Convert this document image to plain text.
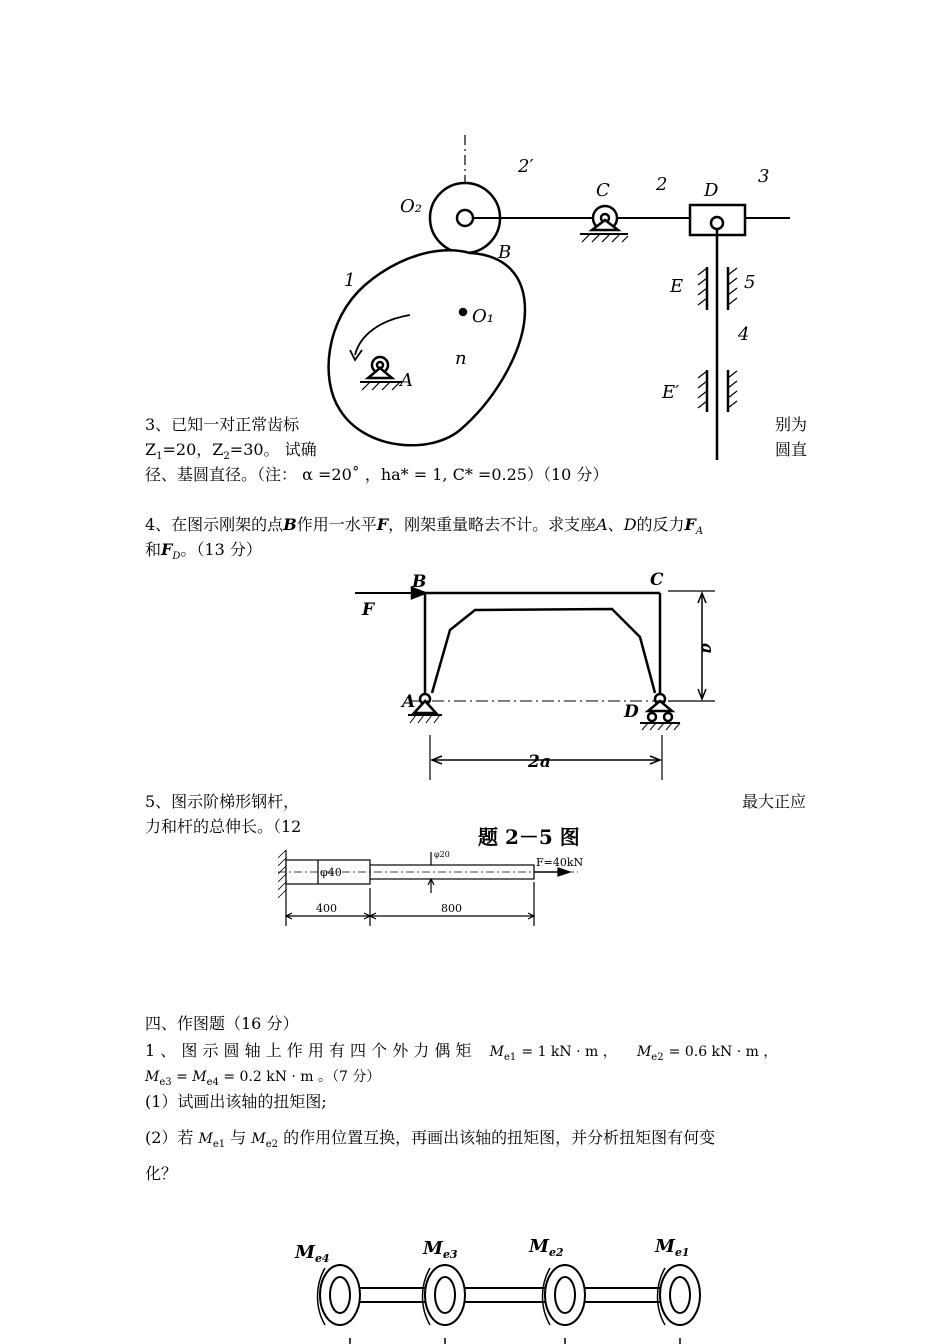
O₂
2′
B
C	2 D
3
1
O₁
n
A
E	5
4
E′
3、已知一对正常齿标	别为
$Z_1=20$，$Z_2=30$。 试确	圆直
径、基圆直径。（注： α =20˚ ，ha* = 1, C* =0.25）（10 分）
4、在图示刚架的点B作用一水平F，刚架重量略去不计。求支座A、D的反力$F_A$
和$F_D$。（13 分）
B	C
F
A	D
a
2a
5、图示阶梯形钢杆，	最大正应
力和杆的总伸长。（12	题 2－5 图
φ40
φ20
F=40kN
400	800
四、作图题（16 分）
1 、 图 示 圆 轴 上 作 用 有 四 个 外 力 偶 矩 $M_{e1} = 1$ kN · m ， $M_{e2} = 0.6$ kN · m ，
$M_{e3} = M_{e4} = 0.2$ kN · m 。（7 分）
(1）试画出该轴的扭矩图;
(2）若 $M_{e1}$ 与 $M_{e2}$ 的作用位置互换，再画出该轴的扭矩图，并分析扭矩图有何变
化？
$M_{e4}$	$M_{e3}$	$M_{e2}$	$M_{e1}$
